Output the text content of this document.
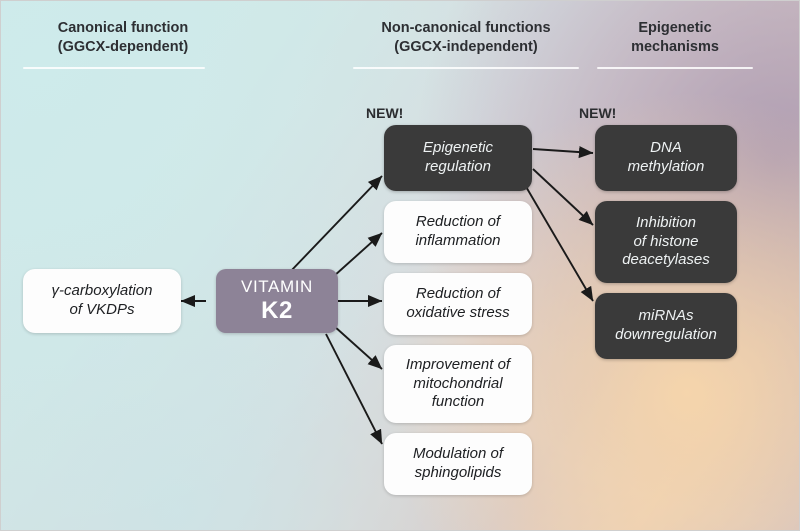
Canonical function
(GGCX-dependent)
Non-canonical functions
(GGCX-independent)
Epigenetic
mechanisms
NEW!	NEW!
γ-carboxylation
of VKDPs
VITAMIN
K2
Epigenetic
regulation
Reduction of
inflammation
Reduction of
oxidative stress
Improvement of
mitochondrial
function
Modulation of
sphingolipids
DNA
methylation
Inhibition
of histone
deacetylases
miRNAs
downregulation
